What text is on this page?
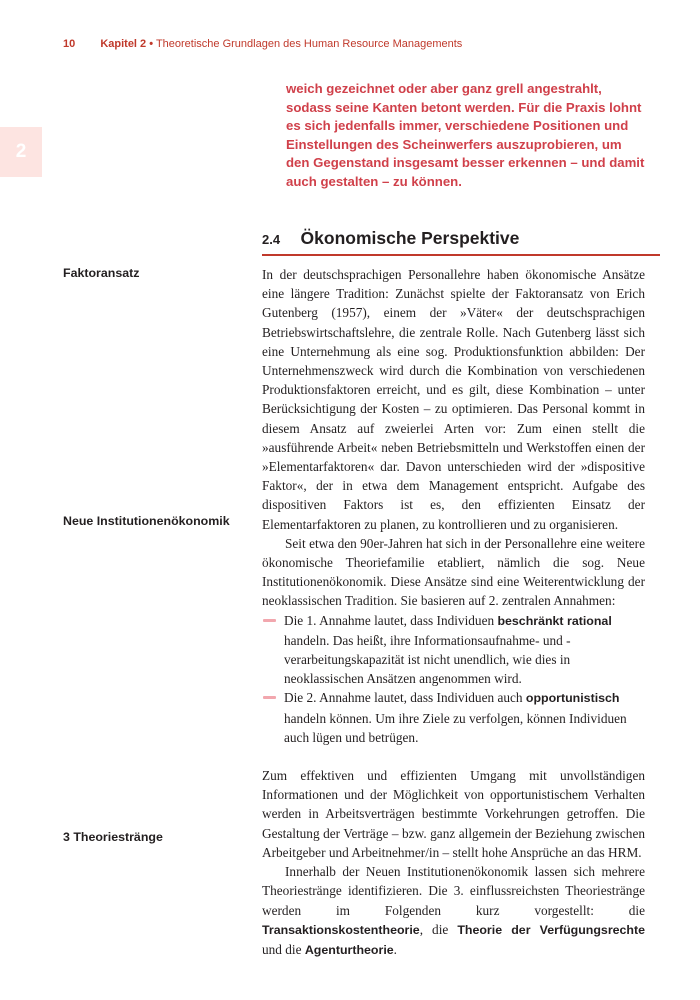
10 Kapitel 2 • Theoretische Grundlagen des Human Resource Managements
2
weich gezeichnet oder aber ganz grell angestrahlt, sodass seine Kanten betont werden. Für die Praxis lohnt es sich jedenfalls immer, verschiedene Positionen und Einstellungen des Scheinwerfers auszuprobieren, um den Gegenstand insgesamt besser erkennen – und damit auch gestalten – zu können.
2.4 Ökonomische Perspektive
Faktoransatz
Neue Institutionenökonomik
3 Theoriestränge

In der deutschsprachigen Personallehre haben ökonomische Ansätze eine längere Tradition: Zunächst spielte der Faktoransatz von Erich Gutenberg (1957), einem der »Väter« der deutschsprachigen Betriebswirtschaftslehre, die zentrale Rolle. Nach Gutenberg lässt sich eine Unternehmung als eine sog. Produktionsfunktion abbilden: Der Unternehmenszweck wird durch die Kombination von verschiedenen Produktionsfaktoren erreicht, und es gilt, diese Kombination – unter Berücksichtigung der Kosten – zu optimieren. Das Personal kommt in diesem Ansatz auf zweierlei Arten vor: Zum einen stellt die »ausführende Arbeit« neben Betriebsmitteln und Werkstoffen einen der »Elementarfaktoren« dar. Davon unterschieden wird der »dispositive Faktor«, der in etwa dem Management entspricht. Aufgabe des dispositiven Faktors ist es, den effizienten Einsatz der Elementarfaktoren zu planen, zu kontrollieren und zu organisieren.

Seit etwa den 90er-Jahren hat sich in der Personallehre eine weitere ökonomische Theoriefamilie etabliert, nämlich die sog. Neue Institutionenökonomik. Diese Ansätze sind eine Weiterentwicklung der neoklassischen Tradition. Sie basieren auf 2. zentralen Annahmen:

Die 1. Annahme lautet, dass Individuen beschränkt rational handeln. Das heißt, ihre Informationsaufnahme- und -verarbeitungskapazität ist nicht unendlich, wie dies in neoklassischen Ansätzen angenommen wird.
Die 2. Annahme lautet, dass Individuen auch opportunistisch handeln können. Um ihre Ziele zu verfolgen, können Individuen auch lügen und betrügen.

Zum effektiven und effizienten Umgang mit unvollständigen Informationen und der Möglichkeit von opportunistischem Verhalten werden in Arbeitsverträgen bestimmte Vorkehrungen getroffen. Die Gestaltung der Verträge – bzw. ganz allgemein der Beziehung zwischen Arbeitgeber und Arbeitnehmer/in – stellt hohe Ansprüche an das HRM.

Innerhalb der Neuen Institutionenökonomik lassen sich mehrere Theoriestränge identifizieren. Die 3. einflussreichsten Theoriestränge werden im Folgenden kurz vorgestellt: die Transaktionskostentheorie, die Theorie der Verfügungsrechte und die Agenturtheorie.
